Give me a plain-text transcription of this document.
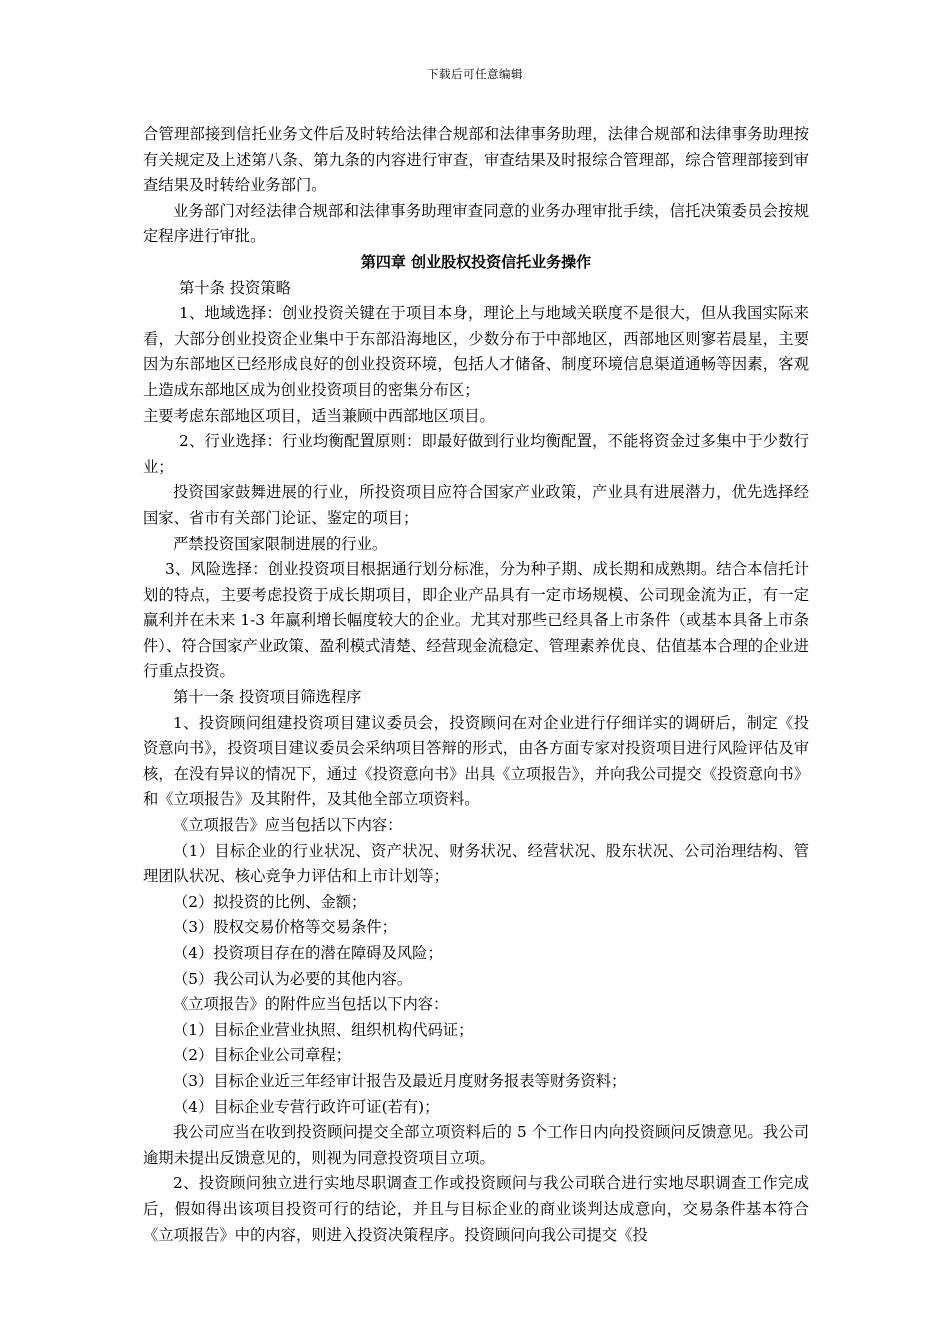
下载后可任意编辑

合管理部接到信托业务文件后及时转给法律合规部和法律事务助理，法律合规部和法律事务助理按有关规定及上述第八条、第九条的内容进行审查，审查结果及时报综合管理部，综合管理部接到审查结果及时转给业务部门。

业务部门对经法律合规部和法律事务助理审查同意的业务办理审批手续，信托决策委员会按规定程序进行审批。

第四章 创业股权投资信托业务操作

第十条 投资策略

1、地域选择：创业投资关键在于项目本身，理论上与地域关联度不是很大，但从我国实际来看，大部分创业投资企业集中于东部沿海地区，少数分布于中部地区，西部地区则寥若晨星，主要因为东部地区已经形成良好的创业投资环境，包括人才储备、制度环境信息渠道通畅等因素，客观上造成东部地区成为创业投资项目的密集分布区；

主要考虑东部地区项目，适当兼顾中西部地区项目。

2、行业选择：行业均衡配置原则：即最好做到行业均衡配置，不能将资金过多集中于少数行业；

投资国家鼓舞进展的行业，所投资项目应符合国家产业政策，产业具有进展潜力，优先选择经国家、省市有关部门论证、鉴定的项目；

严禁投资国家限制进展的行业。

3、风险选择：创业投资项目根据通行划分标准，分为种子期、成长期和成熟期。结合本信托计划的特点，主要考虑投资于成长期项目，即企业产品具有一定市场规模、公司现金流为正，有一定赢利并在未来 1-3 年赢利增长幅度较大的企业。尤其对那些已经具备上市条件（或基本具备上市条件）、符合国家产业政策、盈利模式清楚、经营现金流稳定、管理素养优良、估值基本合理的企业进行重点投资。

第十一条 投资项目筛选程序

1、投资顾问组建投资项目建议委员会，投资顾问在对企业进行仔细详实的调研后，制定《投资意向书》，投资项目建议委员会采纳项目答辩的形式，由各方面专家对投资项目进行风险评估及审核，在没有异议的情况下，通过《投资意向书》出具《立项报告》，并向我公司提交《投资意向书》和《立项报告》及其附件，及其他全部立项资料。

《立项报告》应当包括以下内容：

（1）目标企业的行业状况、资产状况、财务状况、经营状况、股东状况、公司治理结构、管理团队状况、核心竞争力评估和上市计划等；

（2）拟投资的比例、金额；

（3）股权交易价格等交易条件；

（4）投资项目存在的潜在障碍及风险；

（5）我公司认为必要的其他内容。

《立项报告》的附件应当包括以下内容：

（1）目标企业营业执照、组织机构代码证；

（2）目标企业公司章程；

（3）目标企业近三年经审计报告及最近月度财务报表等财务资料；

（4）目标企业专营行政许可证(若有)；

我公司应当在收到投资顾问提交全部立项资料后的 5 个工作日内向投资顾问反馈意见。我公司逾期未提出反馈意见的，则视为同意投资项目立项。

2、投资顾问独立进行实地尽职调查工作或投资顾问与我公司联合进行实地尽职调查工作完成后，假如得出该项目投资可行的结论，并且与目标企业的商业谈判达成意向，交易条件基本符合《立项报告》中的内容，则进入投资决策程序。投资顾问向我公司提交《投
